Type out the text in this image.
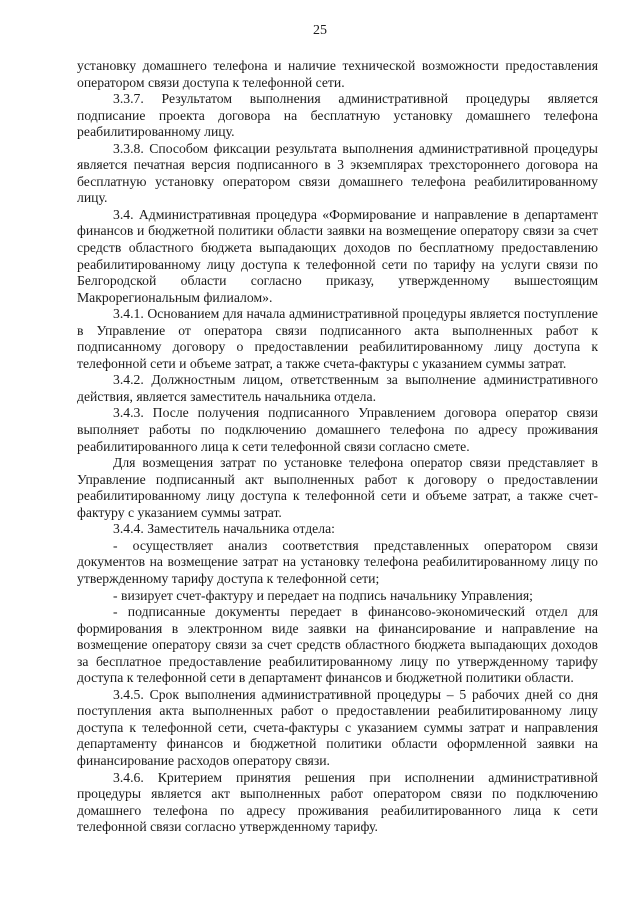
25

установку домашнего телефона и наличие технической возможности предоставления оператором связи доступа к телефонной сети.

3.3.7. Результатом выполнения административной процедуры является подписание проекта договора на бесплатную установку домашнего телефона реабилитированному лицу.

3.3.8. Способом фиксации результата выполнения административной процедуры является печатная версия подписанного в 3 экземплярах трехстороннего договора на бесплатную установку оператором связи домашнего телефона реабилитированному лицу.

3.4. Административная процедура «Формирование и направление в департамент финансов и бюджетной политики области заявки на возмещение оператору связи за счет средств областного бюджета выпадающих доходов по бесплатному предоставлению реабилитированному лицу доступа к телефонной сети по тарифу на услуги связи по Белгородской области согласно приказу, утвержденному вышестоящим Макрорегиональным филиалом».

3.4.1. Основанием для начала административной процедуры является поступление в Управление от оператора связи подписанного акта выполненных работ к подписанному договору о предоставлении реабилитированному лицу доступа к телефонной сети и объеме затрат, а также счета-фактуры с указанием суммы затрат.

3.4.2. Должностным лицом, ответственным за выполнение административного действия, является заместитель начальника отдела.

3.4.3. После получения подписанного Управлением договора оператор связи выполняет работы по подключению домашнего телефона по адресу проживания реабилитированного лица к сети телефонной связи согласно смете.

Для возмещения затрат по установке телефона оператор связи представляет в Управление подписанный акт выполненных работ к договору о предоставлении реабилитированному лицу доступа к телефонной сети и объеме затрат, а также счет-фактуру с указанием суммы затрат.

3.4.4. Заместитель начальника отдела:

- осуществляет анализ соответствия представленных оператором связи документов на возмещение затрат на установку телефона реабилитированному лицу по утвержденному тарифу доступа к телефонной сети;

- визирует счет-фактуру и передает на подпись начальнику Управления;

- подписанные документы передает в финансово-экономический отдел для формирования в электронном виде заявки на финансирование и направление на возмещение оператору связи за счет средств областного бюджета выпадающих доходов за бесплатное предоставление реабилитированному лицу по утвержденному тарифу доступа к телефонной сети в департамент финансов и бюджетной политики области.

3.4.5. Срок выполнения административной процедуры – 5 рабочих дней со дня поступления акта выполненных работ о предоставлении реабилитированному лицу доступа к телефонной сети, счета-фактуры с указанием суммы затрат и направления департаменту финансов и бюджетной политики области оформленной заявки на финансирование расходов оператору связи.

3.4.6. Критерием принятия решения при исполнении административной процедуры является акт выполненных работ оператором связи по подключению домашнего телефона по адресу проживания реабилитированного лица к сети телефонной связи согласно утвержденному тарифу.
